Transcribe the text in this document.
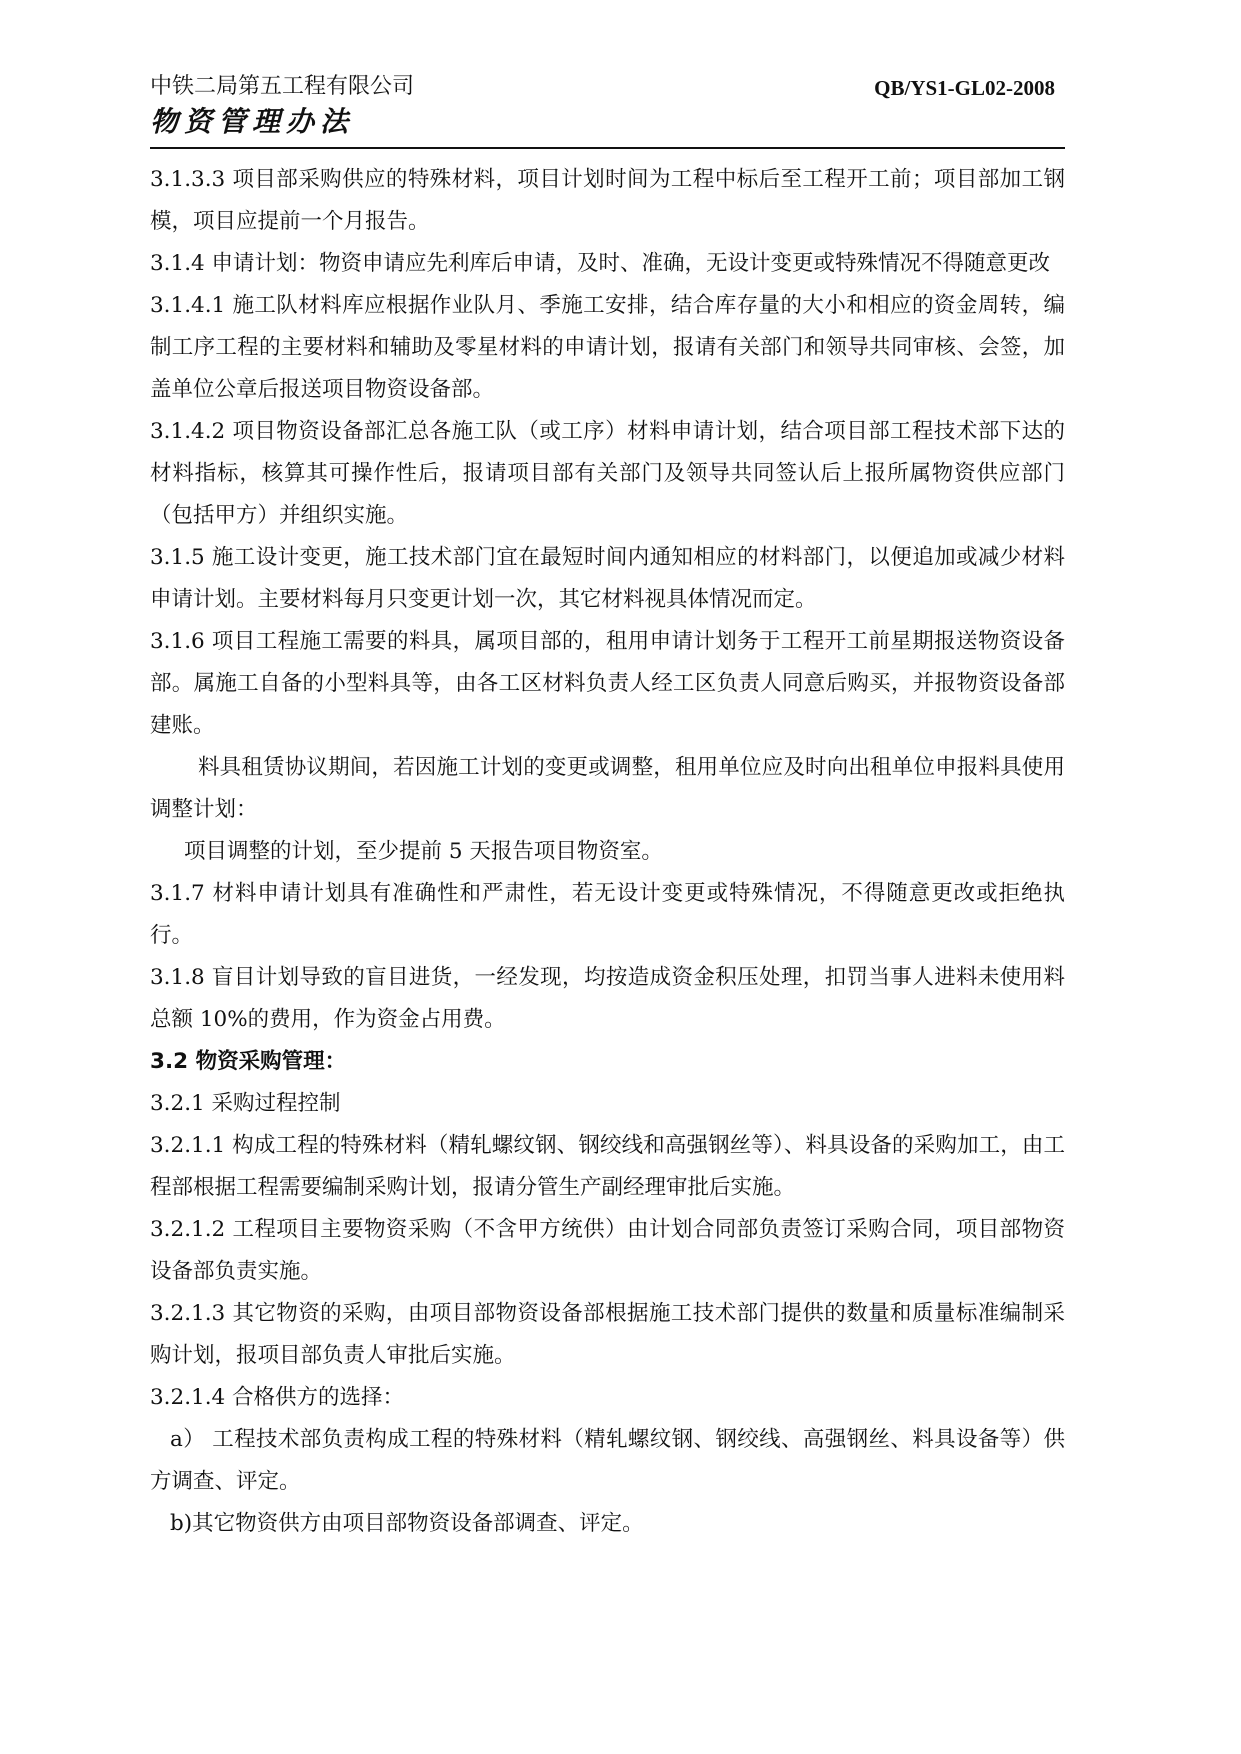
中铁二局第五工程有限公司	QB/YS1-GL02-2008
物资管理办法

3.1.3.3 项目部采购供应的特殊材料，项目计划时间为工程中标后至工程开工前；项目部加工钢模，项目应提前一个月报告。

3.1.4 申请计划：物资申请应先利库后申请，及时、准确，无设计变更或特殊情况不得随意更改

3.1.4.1 施工队材料库应根据作业队月、季施工安排，结合库存量的大小和相应的资金周转，编制工序工程的主要材料和辅助及零星材料的申请计划，报请有关部门和领导共同审核、会签，加盖单位公章后报送项目物资设备部。

3.1.4.2 项目物资设备部汇总各施工队（或工序）材料申请计划，结合项目部工程技术部下达的材料指标，核算其可操作性后，报请项目部有关部门及领导共同签认后上报所属物资供应部门（包括甲方）并组织实施。

3.1.5 施工设计变更，施工技术部门宜在最短时间内通知相应的材料部门，以便追加或减少材料申请计划。主要材料每月只变更计划一次，其它材料视具体情况而定。

3.1.6 项目工程施工需要的料具，属项目部的，租用申请计划务于工程开工前星期报送物资设备部。属施工自备的小型料具等，由各工区材料负责人经工区负责人同意后购买，并报物资设备部建账。

料具租赁协议期间，若因施工计划的变更或调整，租用单位应及时向出租单位申报料具使用调整计划：

项目调整的计划，至少提前 5 天报告项目物资室。

3.1.7 材料申请计划具有准确性和严肃性，若无设计变更或特殊情况，不得随意更改或拒绝执行。

3.1.8 盲目计划导致的盲目进货，一经发现，均按造成资金积压处理，扣罚当事人进料未使用料总额 10%的费用，作为资金占用费。

3.2 物资采购管理：

3.2.1 采购过程控制

3.2.1.1 构成工程的特殊材料（精轧螺纹钢、钢绞线和高强钢丝等）、料具设备的采购加工，由工程部根据工程需要编制采购计划，报请分管生产副经理审批后实施。

3.2.1.2 工程项目主要物资采购（不含甲方统供）由计划合同部负责签订采购合同，项目部物资设备部负责实施。

3.2.1.3 其它物资的采购，由项目部物资设备部根据施工技术部门提供的数量和质量标准编制采购计划，报项目部负责人审批后实施。

3.2.1.4 合格供方的选择：

a） 工程技术部负责构成工程的特殊材料（精轧螺纹钢、钢绞线、高强钢丝、料具设备等）供方调查、评定。

b)其它物资供方由项目部物资设备部调查、评定。
